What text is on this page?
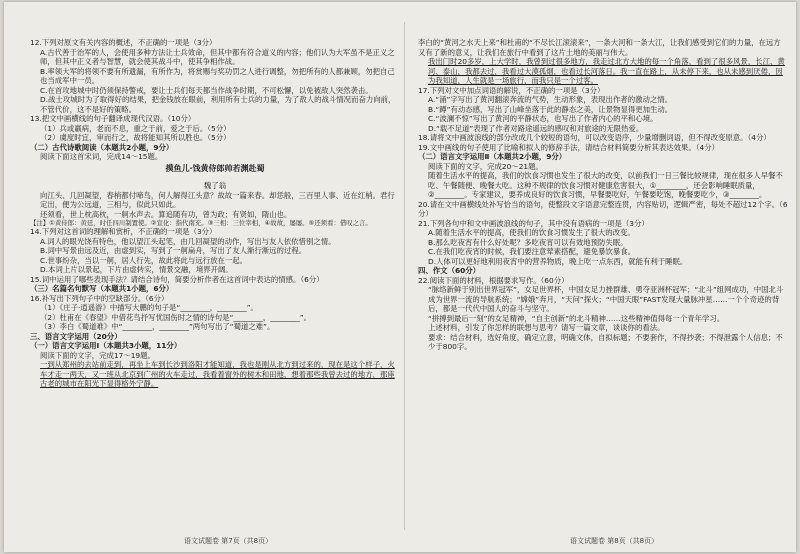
12.下列对原文有关内容的概述，不正确的一项是（3分）

A.古代善于治军的人，会使用多种方法让士兵效命，但其中都有符合道义的内容；他们认为大军虽不是正义之师，但其中正义者与智慧，就会使其战斗中，使其争相作战。

B.率领大军的将领不要有所遗漏，有所作为，将赏赐与奖功罚之人进行调整，勿把所有的人都兼顾，勿把自己也当成军中一员。

C.在首攻地城中时仍须保持警戒，要让士兵们每天都当作战争时期，不可松懈，以免被敌人突然袭击。

D.战士攻城时为了取得好的结果，把金钱放在眼前，利用所有士兵的力量，为了敌人的战斗情况而奋力向前，不管代价，这不是好的策略。

13.把文中画横线的句子翻译成现代汉语。（10分）

（1）兵或羸病，老而不息，重之于前，爱之于后。（5分）

（2）虞度时宜，审而行之，故将能知其所以胜也。（5分）

（二）古代诗歌阅读（本题共2小题，9分）

阅读下面这首宋词，完成14～15题。

摸鱼儿·饯黄侍郎帅若渊赴蜀

魏了翁

向江头、几回凝望，春梢都付啼鸟，何人解得江头意？故故一篇来春。却恁般，三百里人事、近在红梢。君行定出，便为公远道，三相与，似此只如此。

还须看，世上枕高枕，一舸水声去。算追随有功，曾为政；有贤如，隋山也。

【注】①黄侍郎：黄廷，时任四川制置使。②宣化：指代南充。③三相：三位宰相，④故故，屡屡。⑤还须看：借叹之言。

14.下列对这首词的理解和赏析，不正确的一项是（3分）

A.词人的眼光饶有特色，他以望江头起笔，由几回凝望的动作，写出与友人依依惜别之情。

B.词中写景由远及近，由虚到实，写到了一舸扁舟，写出了友人渐行渐远的过程。

C.世事纷杂，当以一舸，居人行先，故此将此与远行放在一起。

D.本词上片以景起，下片由虚转实，情景交融，境界开阔。

15.词中运用了哪些表现手法？请结合诗句，简要分析作者在这首词中表达的情感。（6分）

（三）名篇名句默写（本题共1小题，6分）

16.补写出下列句子中的空缺部分。（6分）

（1）《庄子·逍遥游》中描写大鹏的句子是“________，________”。

（2）杜甫在《春望》中借花鸟抒写忧国伤时之情的诗句是“________，________”。

（3）李白《蜀道难》中“________，________”两句写出了“蜀道之难”。

三、语言文字运用（20分）

（一）语言文字运用Ⅰ（本题共3小题，11分）

阅读下面的文字，完成17～19题。

一到从郑州的去站前走到，再坐上车到长沙到洛阳才能知道，我也是刚从北方到过来的，现在是这个样子，火车才走一两天，又一班从北京到广州的火车走过，我看着窗外的树木和田地，想着那些我曾去过的地方，那座古老的城市在阳光下显得格外宁静。

语文试题卷 第7页（共8页）

李白的“黄河之水天上来”和杜甫的“不尽长江滚滚来”，一条大河和一条大江，让我们感受到它们的力量，在远方又有了新的意义，让我们在旅行中看到了这片土地的美丽与伟大。

我出门时20多岁，上大学时，我曾到过很多地方，我走过北方大地的每一个角落，看到了很多风景，长江、黄河、泰山，我都去过，我看过大漠孤烟，也看过长河落日。我一直在路上，从未停下来，也从未感到厌倦，因为我知道，人生就是一场旅行，而我只是一个过客。

17.下列对文中加点词语的解说，不正确的一项是（3分）

A.“涌”字写出了黄河翻滚奔流的气势，生动形象，表现出作者的激动之情。

B.“蹲”有动态感，写出了山峰坐落于此的静态之美，让景物显得更加生动。

C.“波澜不惊”写出了黄河的平静状态，也写出了作者内心的平和心境。

D.“载不足道”表现了作者对路途遥远的感叹和对旅途的无限热爱。

18.请将文中画波浪线的部分改成几个较短的语句，可以改变语序，少量增删词语，但不得改变原意。（4分）

19.文中画线的句子使用了比喻和拟人的修辞手法，请结合材料简要分析其表达效果。（4分）

（二）语言文字运用Ⅱ（本题共2小题，9分）

阅读下面的文字，完成20～21题。

随着生活水平的提高，我们的饮食习惯也发生了很大的改变，以前我们一日三餐比较规律，现在很多人早餐不吃、午餐随便、晚餐大吃。这种不规律的饮食习惯对健康危害很大，①________，还会影响睡眠质量，②________。专家建议，要养成良好的饮食习惯，早餐要吃好，午餐要吃饱，晚餐要吃少，③________。

20.请在文中画横线处补写恰当的语句，使整段文字语意完整连贯，内容贴切，逻辑严密，每处不超过12个字。（6分）

21.下列各句中和文中画波浪线的句子，其中没有语病的一项是（3分）

A.随着生活水平的提高，使我们的饮食习惯发生了很大的改变。

B.那么吃夜宵有什么好处呢？多吃夜宵可以有效地预防失眠。

C.在我们吃夜宵的时候，我们要注意荤素搭配，避免暴饮暴食。

D.人体可以更好地利用夜宵中的营养物质，晚上吃一点东西，就能有利于睡眠。

四、作文（60分）

22.阅读下面的材料，根据要求写作。（60分）

“脉络新鲜于别出世界冠军”，女足世界杯，中国女足力挫群雄、勇夺亚洲杯冠军；“北斗”组网成功，中国北斗成为世界一流的导航系统；“嫦娥”奔月，“天问”探火；“中国天眼”FAST发现大量脉冲星……一个个奇迹的背后，都是一代代中国人的奋斗与坚守。

“拼搏到最后一刻”的女足精神，“自主创新”的北斗精神……这些精神值得每一个青年学习。

上述材料，引发了你怎样的联想与思考？请写一篇文章，谈谈你的看法。

要求：结合材料，选好角度，确定立意，明确文体，自拟标题；不要套作，不得抄袭；不得泄露个人信息；不少于800字。

语文试题卷 第8页（共8页）
